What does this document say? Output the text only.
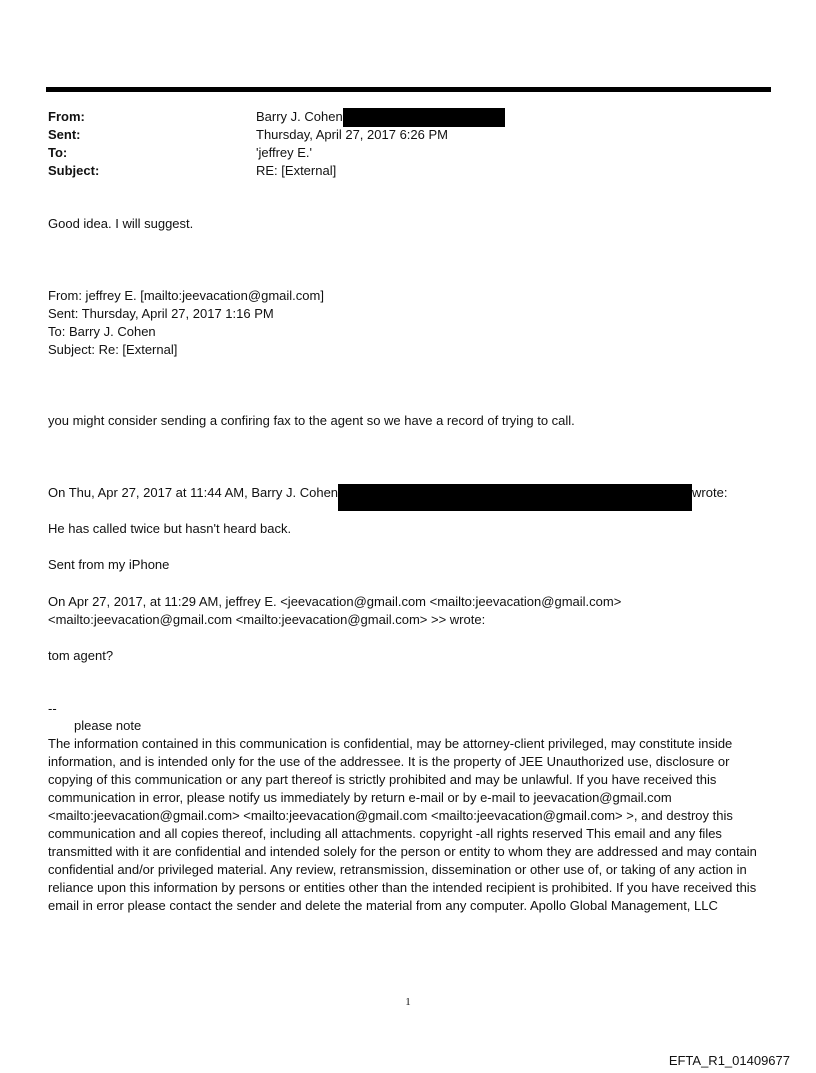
From:	Barry J. Cohen
Sent:	Thursday, April 27, 2017 6:26 PM
To:	'jeffrey E.'
Subject:	RE: [External]
Good idea. I will suggest.
From: jeffrey E. [mailto:jeevacation@gmail.com]
Sent: Thursday, April 27, 2017 1:16 PM
To: Barry J. Cohen
Subject: Re: [External]
you might consider sending a confiring fax to the agent so we have a record of trying to call.
On Thu, Apr 27, 2017 at 11:44 AM, Barry J. Cohen	wrote:
He has called twice but hasn't heard back.
Sent from my iPhone
On Apr 27, 2017, at 11:29 AM, jeffrey E. <jeevacation@gmail.com <mailto:jeevacation@gmail.com>
<mailto:jeevacation@gmail.com <mailto:jeevacation@gmail.com> >> wrote:
tom agent?
--
please note
The information contained in this communication is confidential, may be attorney-client privileged, may constitute inside information, and is intended only for the use of the addressee. It is the property of JEE Unauthorized use, disclosure or copying of this communication or any part thereof is strictly prohibited and may be unlawful. If you have received this communication in error, please notify us immediately by return e-mail or by e-mail to jeevacation@gmail.com <mailto:jeevacation@gmail.com> <mailto:jeevacation@gmail.com <mailto:jeevacation@gmail.com> >, and destroy this communication and all copies thereof, including all attachments. copyright -all rights reserved This email and any files transmitted with it are confidential and intended solely for the person or entity to whom they are addressed and may contain confidential and/or privileged material. Any review, retransmission, dissemination or other use of, or taking of any action in reliance upon this information by persons or entities other than the intended recipient is prohibited. If you have received this email in error please contact the sender and delete the material from any computer. Apollo Global Management, LLC
1
EFTA_R1_01409677
